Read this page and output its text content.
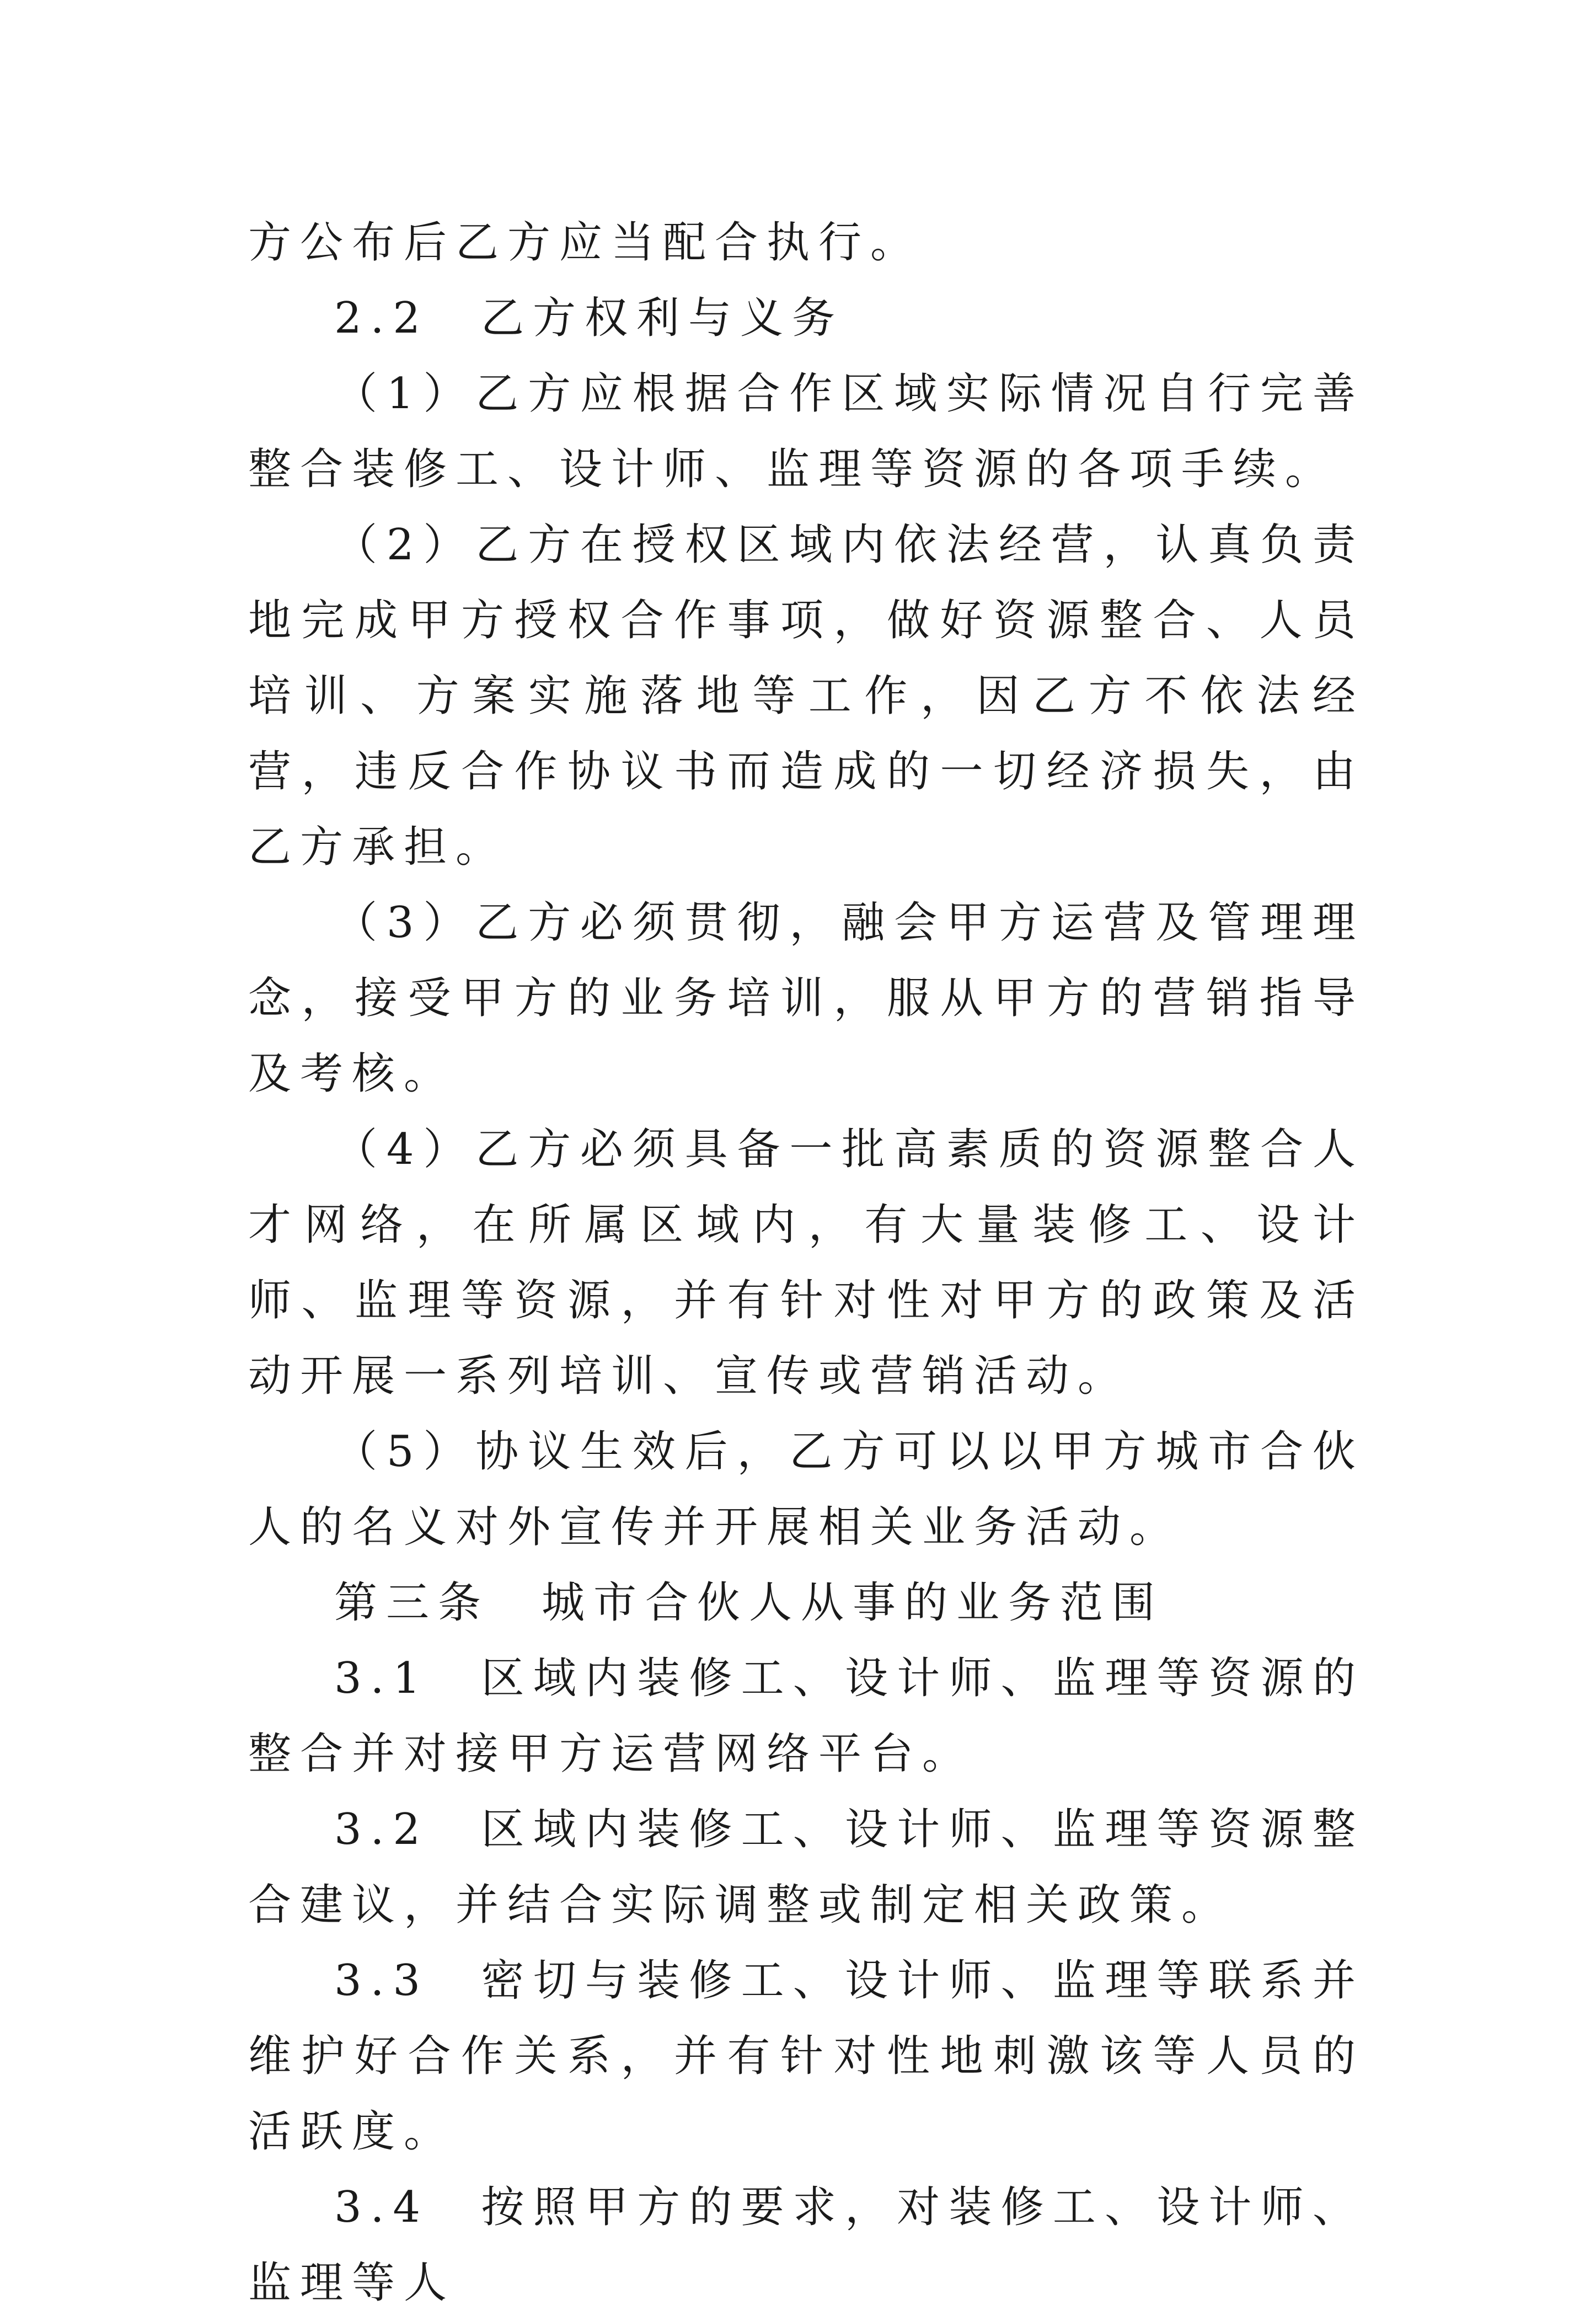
方公布后乙方应当配合执行。

2.2　乙方权利与义务

（1）乙方应根据合作区域实际情况自行完善整合装修工、设计师、监理等资源的各项手续。

（2）乙方在授权区域内依法经营，认真负责地完成甲方授权合作事项，做好资源整合、人员培训、方案实施落地等工作，因乙方不依法经营，违反合作协议书而造成的一切经济损失，由乙方承担。

（3）乙方必须贯彻，融会甲方运营及管理理念，接受甲方的业务培训，服从甲方的营销指导及考核。

（4）乙方必须具备一批高素质的资源整合人才网络，在所属区域内，有大量装修工、设计师、监理等资源，并有针对性对甲方的政策及活动开展一系列培训、宣传或营销活动。

（5）协议生效后，乙方可以以甲方城市合伙人的名义对外宣传并开展相关业务活动。

第三条　城市合伙人从事的业务范围

3.1　区域内装修工、设计师、监理等资源的整合并对接甲方运营网络平台。

3.2　区域内装修工、设计师、监理等资源整合建议，并结合实际调整或制定相关政策。

3.3　密切与装修工、设计师、监理等联系并维护好合作关系，并有针对性地刺激该等人员的活跃度。

3.4　按照甲方的要求，对装修工、设计师、监理等人
